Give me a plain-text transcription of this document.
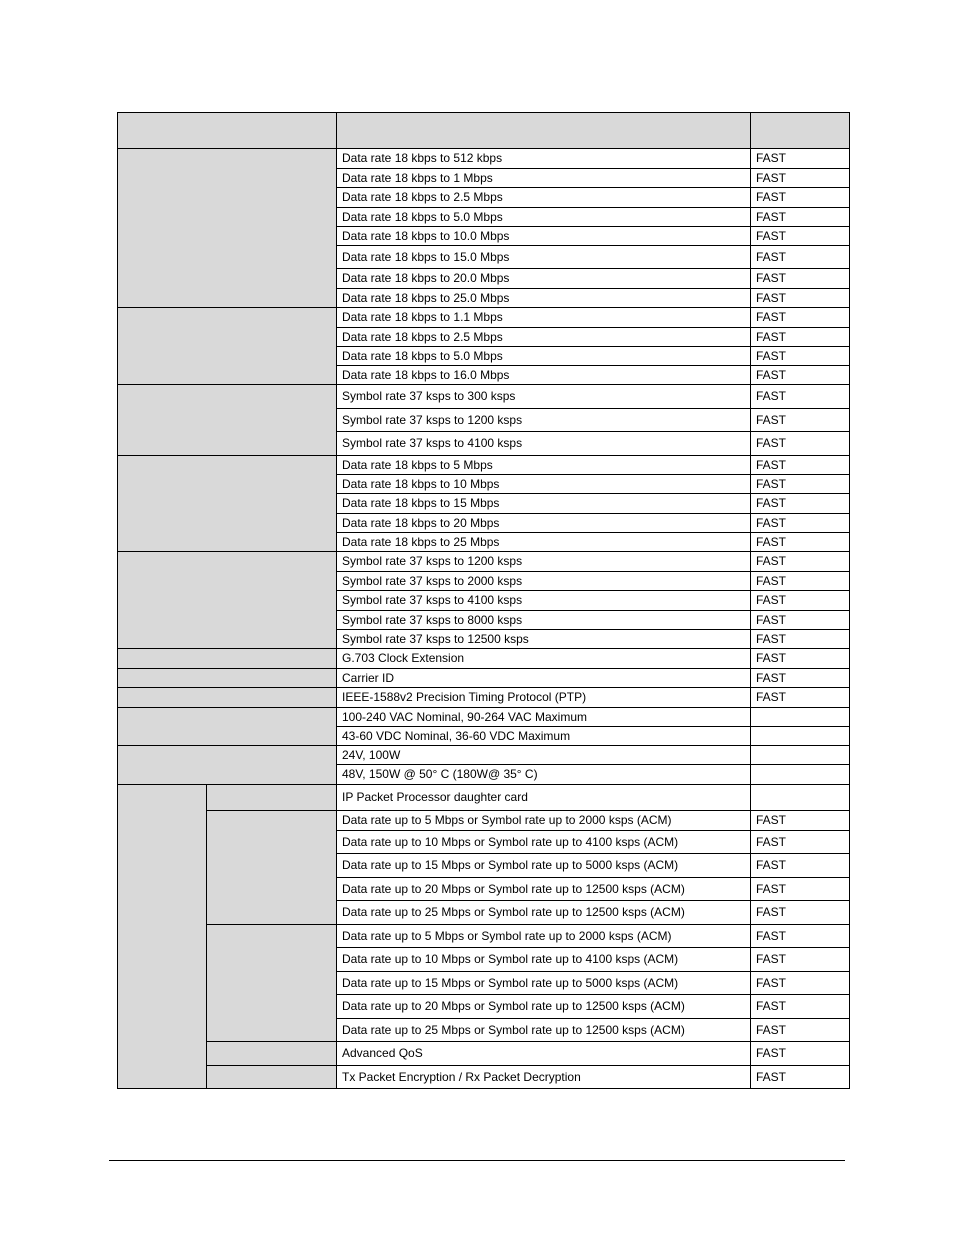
		Data rate 18 kbps to 512 kbps	FAST
		Data rate 18 kbps to 1 Mbps	FAST
		Data rate 18 kbps to 2.5 Mbps	FAST
		Data rate 18 kbps to 5.0 Mbps	FAST
		Data rate 18 kbps to 10.0 Mbps	FAST
		Data rate 18 kbps to 15.0 Mbps	FAST
		Data rate 18 kbps to 20.0 Mbps	FAST
		Data rate 18 kbps to 25.0 Mbps	FAST
		Data rate 18 kbps to 1.1 Mbps	FAST
		Data rate 18 kbps to 2.5 Mbps	FAST
		Data rate 18 kbps to 5.0 Mbps	FAST
		Data rate 18 kbps to 16.0 Mbps	FAST
		Symbol rate 37 ksps to 300 ksps	FAST
		Symbol rate 37 ksps to 1200 ksps	FAST
		Symbol rate 37 ksps to 4100 ksps	FAST
		Data rate 18 kbps to 5 Mbps	FAST
		Data rate 18 kbps to 10 Mbps	FAST
		Data rate 18 kbps to 15 Mbps	FAST
		Data rate 18 kbps to 20 Mbps	FAST
		Data rate 18 kbps to 25 Mbps	FAST
		Symbol rate 37 ksps to 1200 ksps	FAST
		Symbol rate 37 ksps to 2000 ksps	FAST
		Symbol rate 37 ksps to 4100 ksps	FAST
		Symbol rate 37 ksps to 8000 ksps	FAST
		Symbol rate 37 ksps to 12500 ksps	FAST
		G.703 Clock Extension	FAST
		Carrier ID	FAST
		IEEE-1588v2 Precision Timing Protocol (PTP)	FAST
		100-240 VAC Nominal, 90-264 VAC Maximum	
		43-60 VDC Nominal, 36-60 VDC Maximum	
		24V, 100W	
		48V, 150W @ 50° C (180W@ 35° C)	
		IP Packet Processor daughter card	
		Data rate up to 5 Mbps or Symbol rate up to 2000 ksps (ACM)	FAST
		Data rate up to 10 Mbps or Symbol rate up to 4100 ksps (ACM)	FAST
		Data rate up to 15 Mbps or Symbol rate up to 5000 ksps (ACM)	FAST
		Data rate up to 20 Mbps or Symbol rate up to 12500 ksps (ACM)	FAST
		Data rate up to 25 Mbps or Symbol rate up to 12500 ksps (ACM)	FAST
		Data rate up to 5 Mbps or Symbol rate up to 2000 ksps (ACM)	FAST
		Data rate up to 10 Mbps or Symbol rate up to 4100 ksps (ACM)	FAST
		Data rate up to 15 Mbps or Symbol rate up to 5000 ksps (ACM)	FAST
		Data rate up to 20 Mbps or Symbol rate up to 12500 ksps (ACM)	FAST
		Data rate up to 25 Mbps or Symbol rate up to 12500 ksps (ACM)	FAST
		Advanced QoS	FAST
		Tx Packet Encryption / Rx Packet Decryption	FAST
